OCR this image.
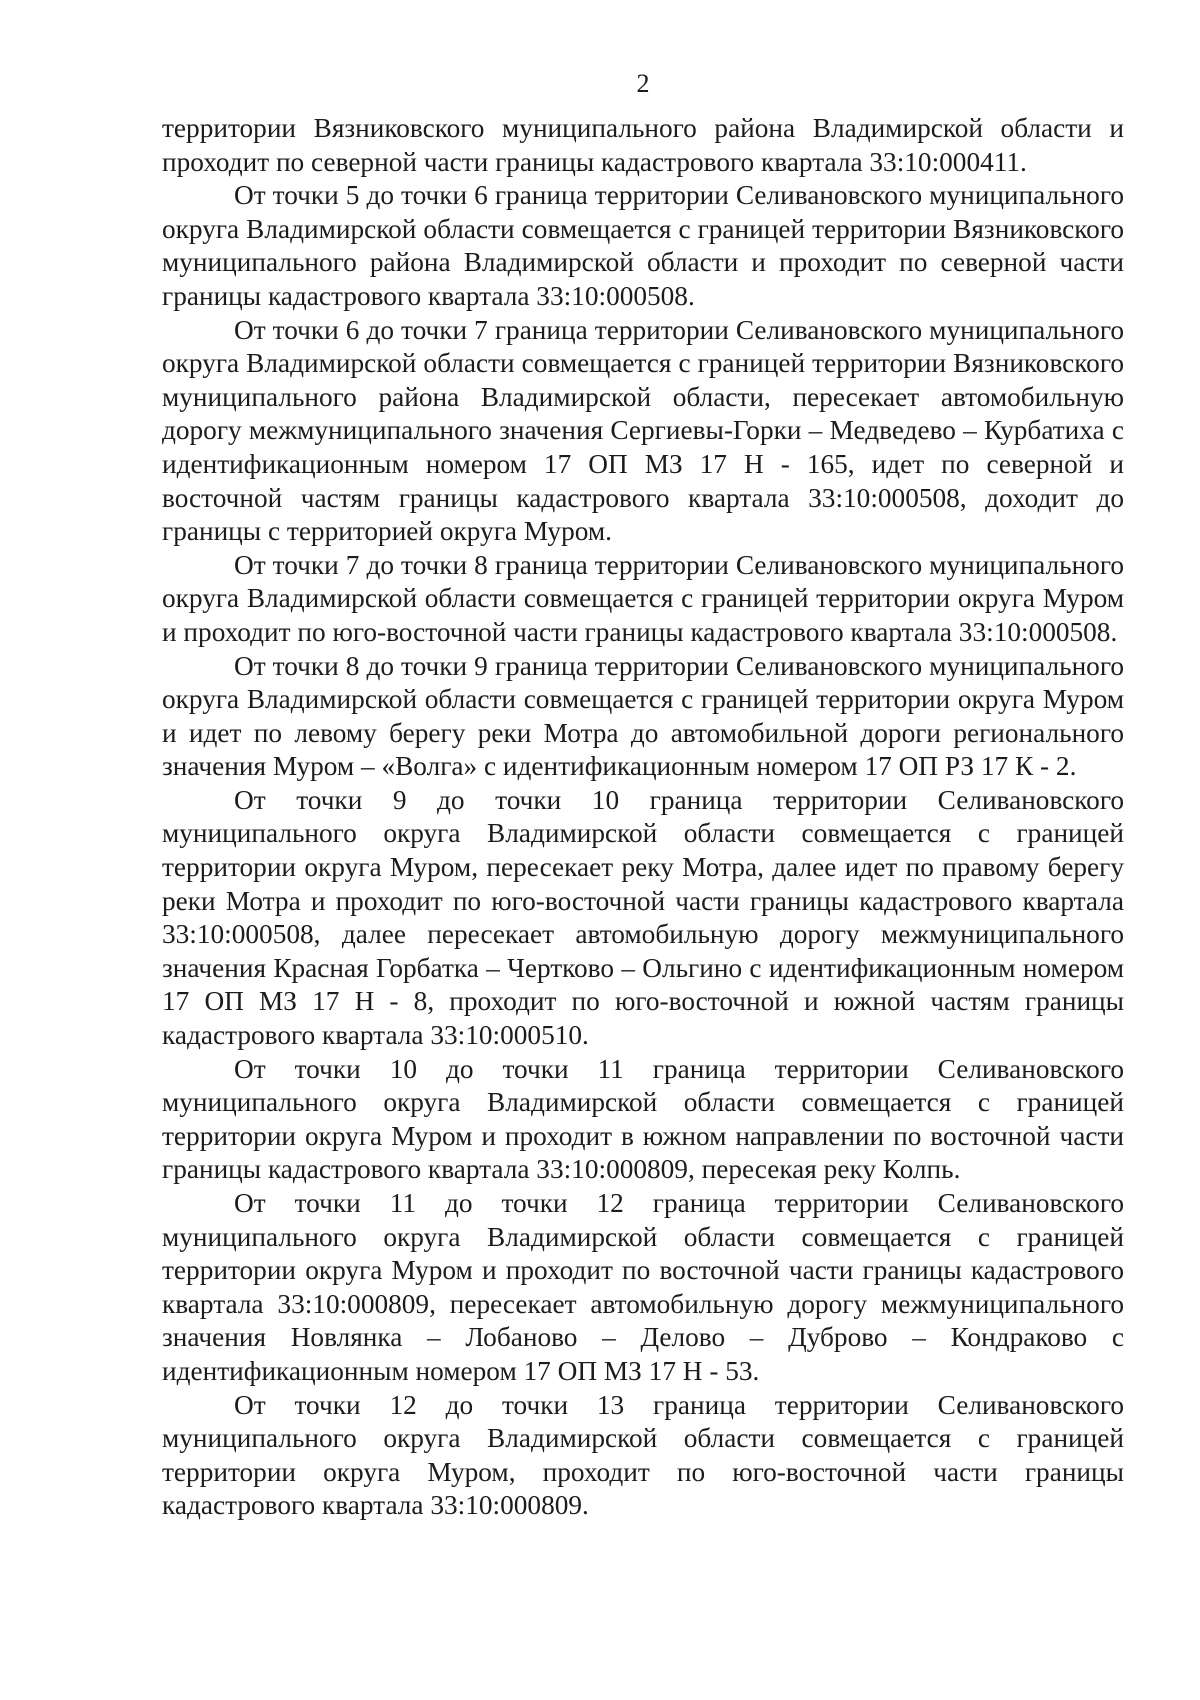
2

территории Вязниковского муниципального района Владимирской области и проходит по северной части границы кадастрового квартала 33:10:000411.

От точки 5 до точки 6 граница территории Селивановского муниципального округа Владимирской области совмещается с границей территории Вязниковского муниципального района Владимирской области и проходит по северной части границы кадастрового квартала 33:10:000508.

От точки 6 до точки 7 граница территории Селивановского муниципального округа Владимирской области совмещается с границей территории Вязниковского муниципального района Владимирской области, пересекает автомобильную дорогу межмуниципального значения Сергиевы-Горки – Медведево – Курбатиха с идентификационным номером 17 ОП МЗ 17 Н - 165, идет по северной и восточной частям границы кадастрового квартала 33:10:000508, доходит до границы с территорией округа Муром.

От точки 7 до точки 8 граница территории Селивановского муниципального округа Владимирской области совмещается с границей территории округа Муром и проходит по юго-восточной части границы кадастрового квартала 33:10:000508.

От точки 8 до точки 9 граница территории Селивановского муниципального округа Владимирской области совмещается с границей территории округа Муром и идет по левому берегу реки Мотра до автомобильной дороги регионального значения Муром – «Волга» с идентификационным номером 17 ОП РЗ 17 К - 2.

От точки 9 до точки 10 граница территории Селивановского муниципального округа Владимирской области совмещается с границей территории округа Муром, пересекает реку Мотра, далее идет по правому берегу реки Мотра и проходит по юго-восточной части границы кадастрового квартала 33:10:000508, далее пересекает автомобильную дорогу межмуниципального значения Красная Горбатка – Чертково – Ольгино с идентификационным номером 17 ОП МЗ 17 Н - 8, проходит по юго-восточной и южной частям границы кадастрового квартала 33:10:000510.

От точки 10 до точки 11 граница территории Селивановского муниципального округа Владимирской области совмещается с границей территории округа Муром и проходит в южном направлении по восточной части границы кадастрового квартала 33:10:000809, пересекая реку Колпь.

От точки 11 до точки 12 граница территории Селивановского муниципального округа Владимирской области совмещается с границей территории округа Муром и проходит по восточной части границы кадастрового квартала 33:10:000809, пересекает автомобильную дорогу межмуниципального значения Новлянка – Лобаново – Делово – Дуброво – Кондраково с идентификационным номером 17 ОП МЗ 17 Н - 53.

От точки 12 до точки 13 граница территории Селивановского муниципального округа Владимирской области совмещается с границей территории округа Муром, проходит по юго-восточной части границы кадастрового квартала 33:10:000809.
